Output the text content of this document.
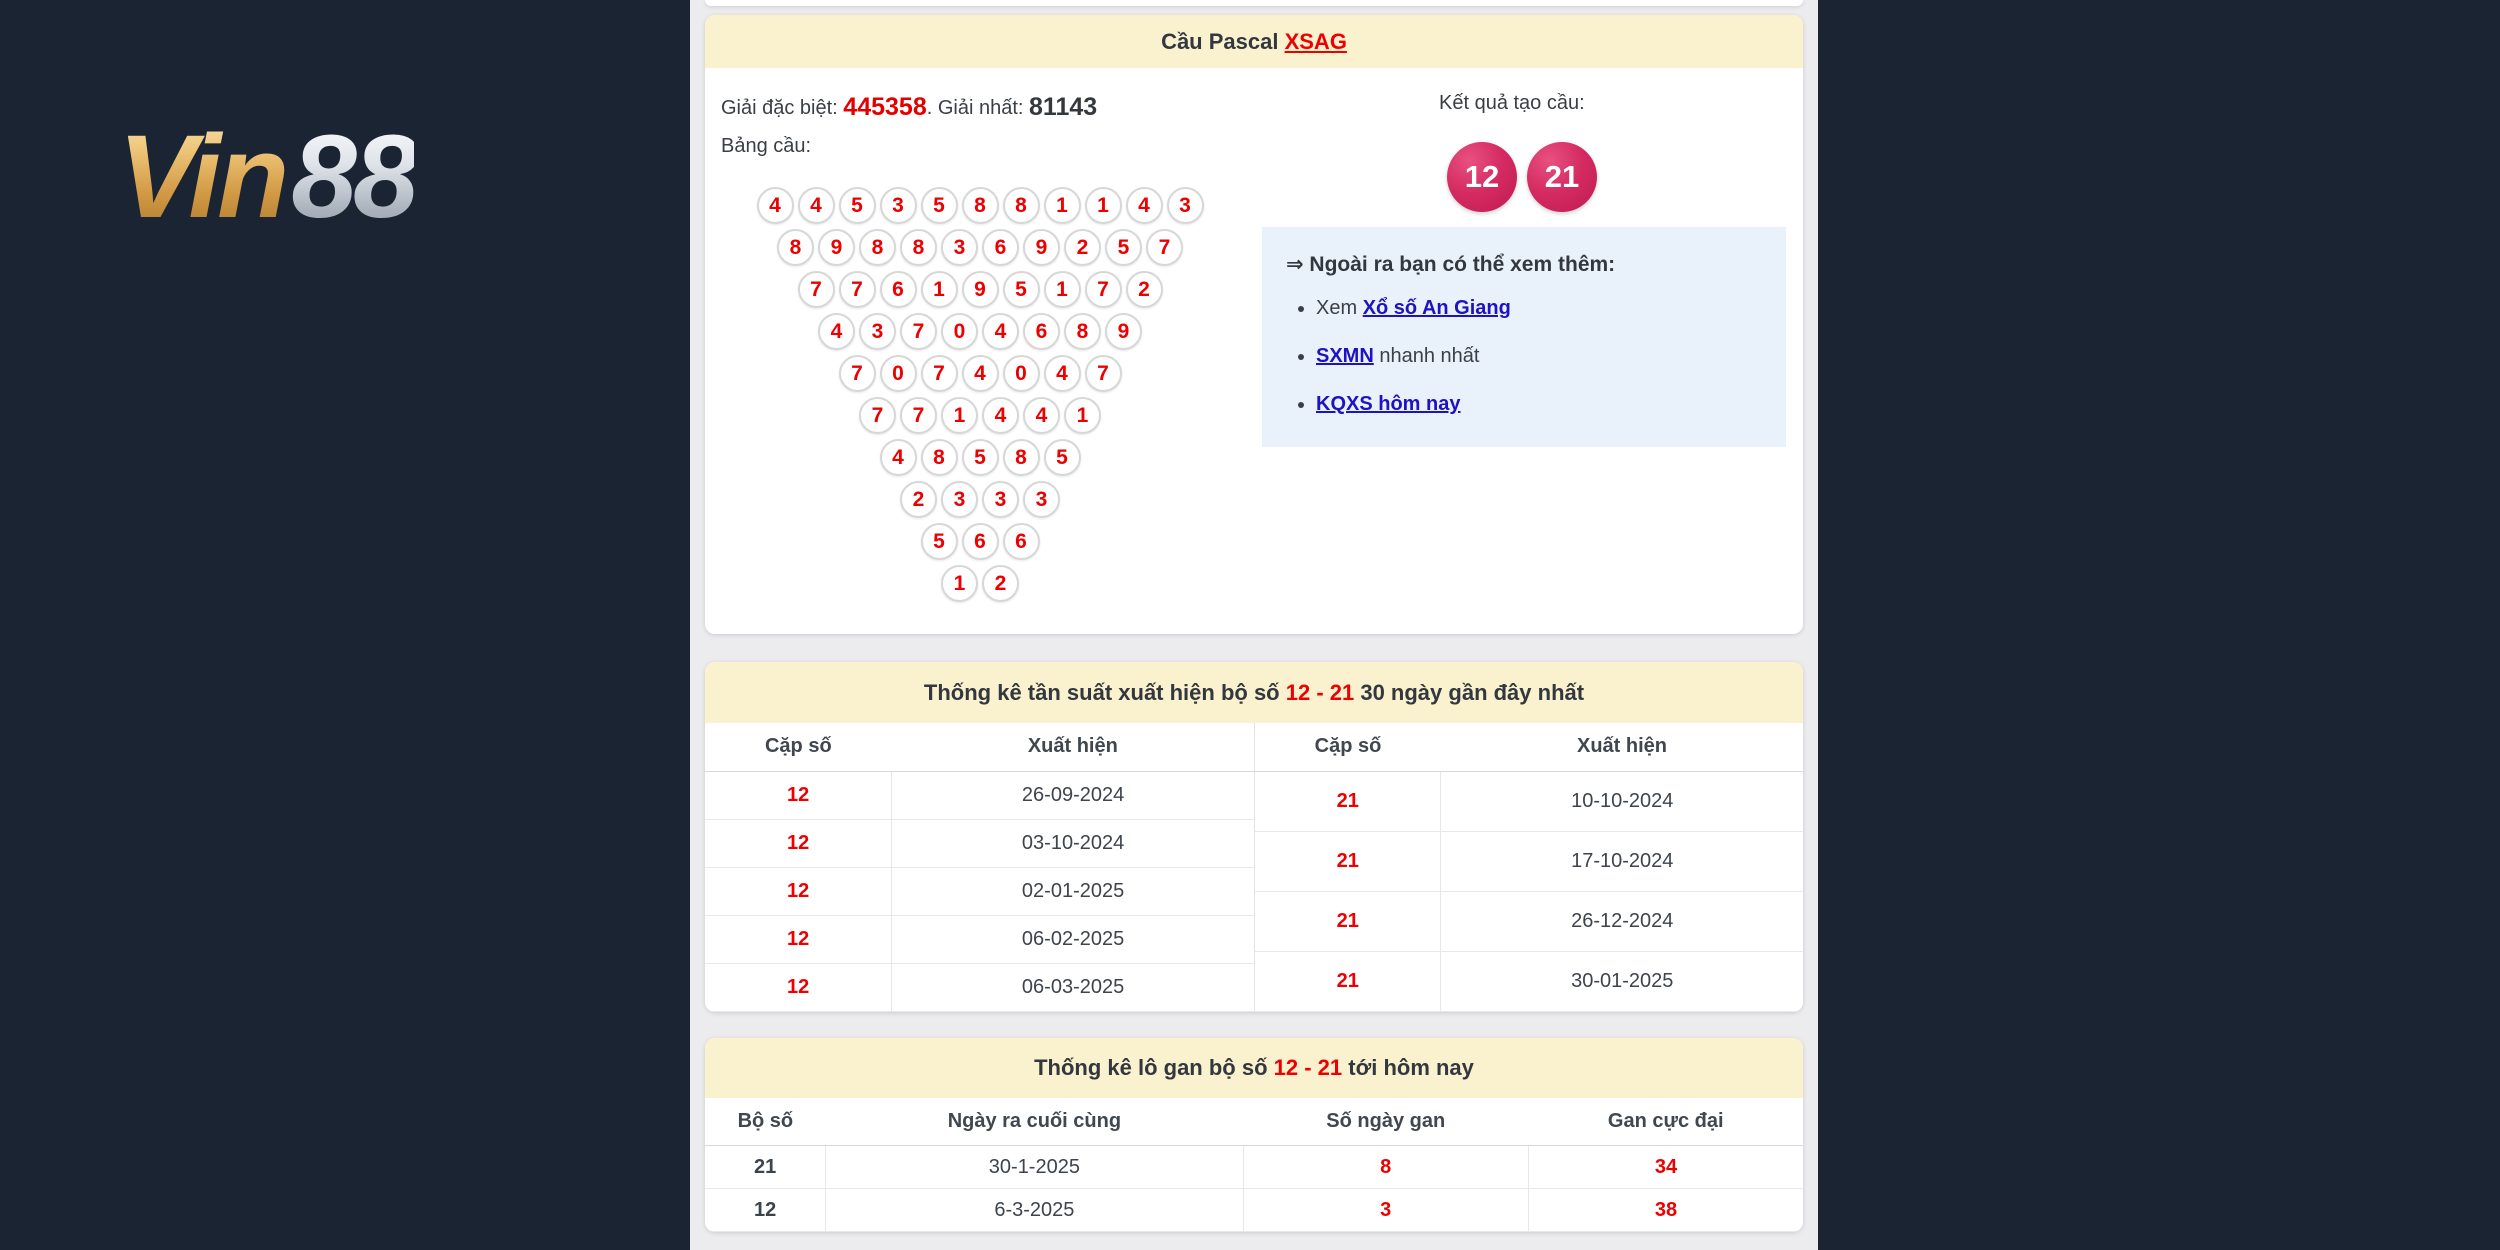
Vin88
Cầu Pascal XSAG

Giải đặc biệt: 445358. Giải nhất: 81143

Bảng cầu:

4	4	5	3	5	8	8	1	1	4	3
8	9	8	8	3	6	9	2	5	7
7	7	6	1	9	5	1	7	2
4	3	7	0	4	6	8	9
7	0	7	4	0	4	7
7	7	1	4	4	1
4	8	5	8	5
2	3	3	3
5	6	6
1	2
Kết quả tạo cầu:
12	21

⇒ Ngoài ra bạn có thể xem thêm:

• Xem Xổ số An Giang
• SXMN nhanh nhất
• KQXS hôm nay
Thống kê tần suất xuất hiện bộ số 12 - 21 30 ngày gần đây nhất
Cặp số	Xuất hiện
12	26-09-2024
12	03-10-2024
12	02-01-2025
12	06-02-2025
12	06-03-2025
Cặp số	Xuất hiện
21	10-10-2024
21	17-10-2024
21	26-12-2024
21	30-01-2025
Thống kê lô gan bộ số 12 - 21 tới hôm nay
Bộ số	Ngày ra cuối cùng	Số ngày gan	Gan cực đại
21	30-1-2025	8	34
12	6-3-2025	3	38
